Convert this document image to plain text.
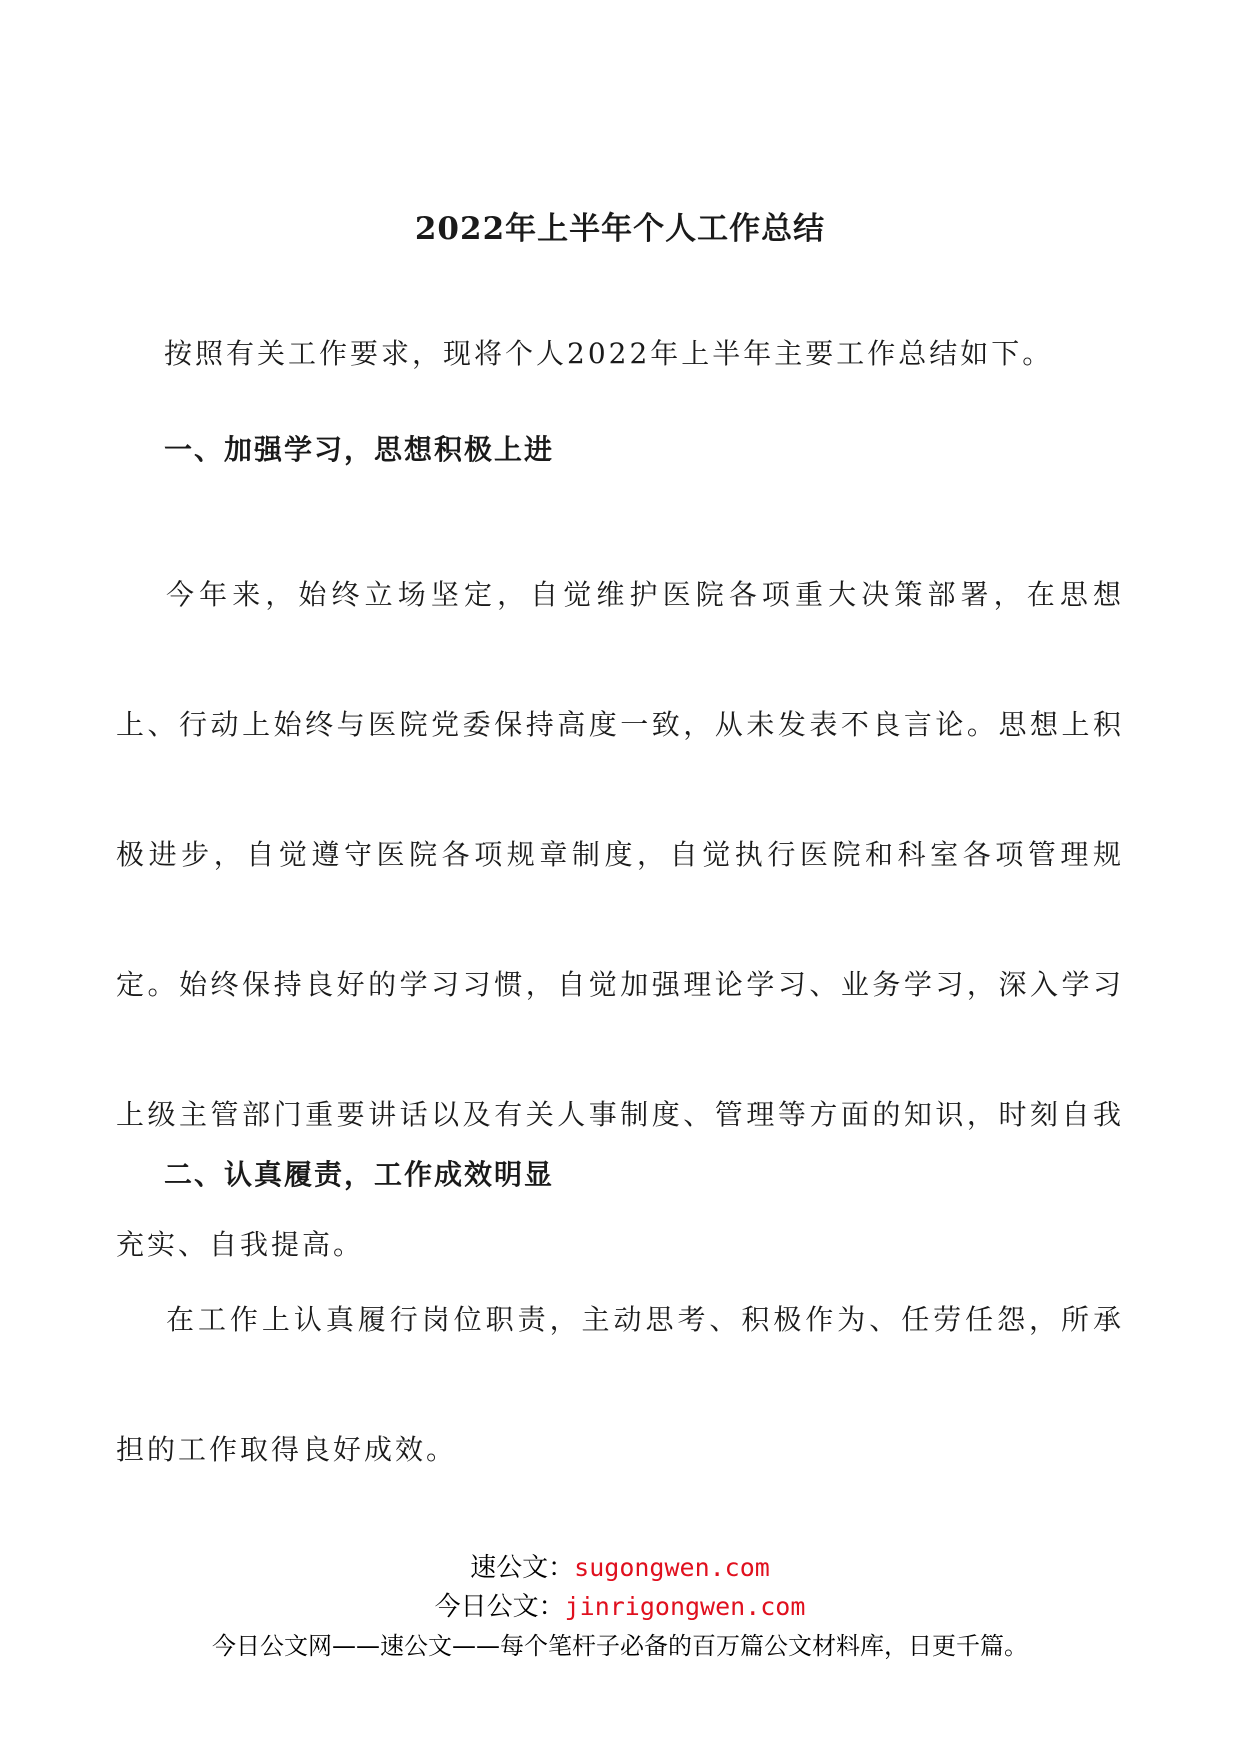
2022年上半年个人工作总结
按照有关工作要求，现将个人2022年上半年主要工作总结如下。
一、加强学习，思想积极上进
今年来，始终立场坚定，自觉维护医院各项重大决策部署，在思想上、行动上始终与医院党委保持高度一致，从未发表不良言论。思想上积极进步，自觉遵守医院各项规章制度，自觉执行医院和科室各项管理规定。始终保持良好的学习习惯，自觉加强理论学习、业务学习，深入学习上级主管部门重要讲话以及有关人事制度、管理等方面的知识，时刻自我充实、自我提高。
二、认真履责，工作成效明显
在工作上认真履行岗位职责，主动思考、积极作为、任劳任怨，所承担的工作取得良好成效。
速公文：sugongwen.com
今日公文：jinrigongwen.com
今日公文网——速公文——每个笔杆子必备的百万篇公文材料库，日更千篇。
